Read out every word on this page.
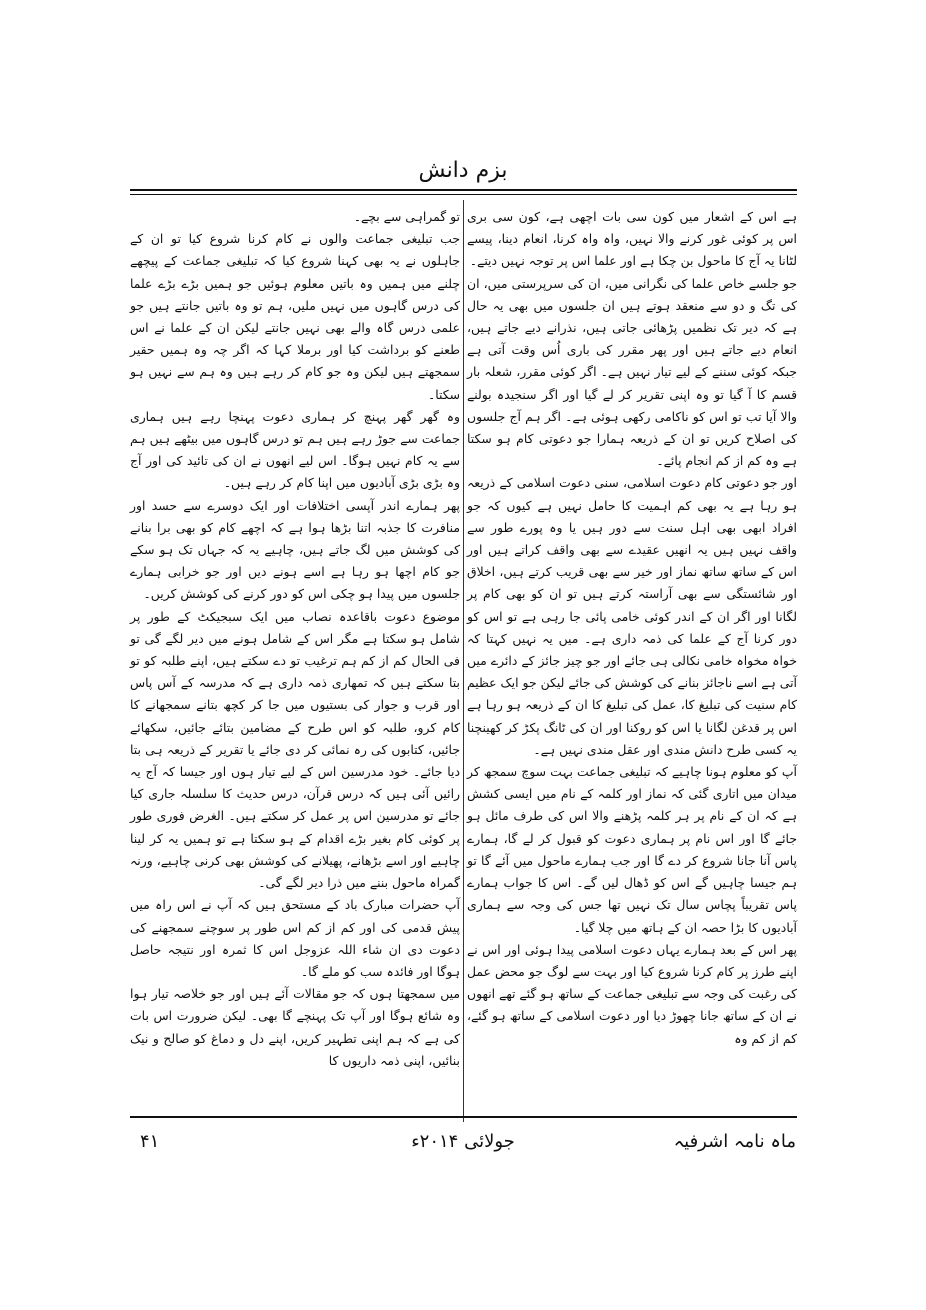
بزم دانش

ہے اس کے اشعار میں کون سی بات اچھی ہے، کون سی بری اس پر کوئی غور کرنے والا نہیں، واہ واہ کرنا، انعام دینا، پیسے لٹانا یہ آج کا ماحول بن چکا ہے اور علما اس پر توجہ نہیں دیتے۔

جو جلسے خاص علما کی نگرانی میں، ان کی سرپرستی میں، ان کی تگ و دو سے منعقد ہوتے ہیں ان جلسوں میں بھی یہ حال ہے کہ دیر تک نظمیں پڑھائی جاتی ہیں، نذرانے دیے جاتے ہیں، انعام دیے جاتے ہیں اور پھر مقرر کی باری اُس وقت آتی ہے جبکہ کوئی سننے کے لیے تیار نہیں ہے۔ اگر کوئی مقرر، شعلہ بار قسم کا آ گیا تو وہ اپنی تقریر کر لے گیا اور اگر سنجیدہ بولنے والا آیا تب تو اس کو ناکامی رکھی ہوئی ہے۔ اگر ہم آج جلسوں کی اصلاح کریں تو ان کے ذریعہ ہمارا جو دعوتی کام ہو سکتا ہے وہ کم از کم انجام پائے۔

اور جو دعوتی کام دعوت اسلامی، سنی دعوت اسلامی کے ذریعہ ہو رہا ہے یہ بھی کم اہمیت کا حامل نہیں ہے کیوں کہ جو افراد ابھی بھی اہل سنت سے دور ہیں یا وہ پورے طور سے واقف نہیں ہیں یہ انھیں عقیدے سے بھی واقف کراتے ہیں اور اس کے ساتھ ساتھ نماز اور خیر سے بھی قریب کرتے ہیں، اخلاق اور شائستگی سے بھی آراستہ کرتے ہیں تو ان کو بھی کام پر لگانا اور اگر ان کے اندر کوئی خامی پائی جا رہی ہے تو اس کو دور کرنا آج کے علما کی ذمہ داری ہے۔ میں یہ نہیں کہتا کہ خواہ مخواہ خامی نکالی ہی جائے اور جو چیز جائز کے دائرے میں آتی ہے اسے ناجائز بنانے کی کوشش کی جائے لیکن جو ایک عظیم کام سنیت کی تبلیغ کا، عمل کی تبلیغ کا ان کے ذریعہ ہو رہا ہے اس پر قدغن لگانا یا اس کو روکنا اور ان کی ٹانگ پکڑ کر کھینچنا یہ کسی طرح دانش مندی اور عقل مندی نہیں ہے۔

آپ کو معلوم ہونا چاہیے کہ تبلیغی جماعت بہت سوچ سمجھ کر میدان میں اتاری گئی کہ نماز اور کلمہ کے نام میں ایسی کشش ہے کہ ان کے نام پر ہر کلمہ پڑھنے والا اس کی طرف مائل ہو جائے گا اور اس نام پر ہماری دعوت کو قبول کر لے گا، ہمارے پاس آنا جانا شروع کر دے گا اور جب ہمارے ماحول میں آئے گا تو ہم جیسا چاہیں گے اس کو ڈھال لیں گے۔ اس کا جواب ہمارے پاس تقریباً پچاس سال تک نہیں تھا جس کی وجہ سے ہماری آبادیوں کا بڑا حصہ ان کے ہاتھ میں چلا گیا۔

پھر اس کے بعد ہمارے یہاں دعوت اسلامی پیدا ہوئی اور اس نے اپنے طرز پر کام کرنا شروع کیا اور بہت سے لوگ جو محض عمل کی رغبت کی وجہ سے تبلیغی جماعت کے ساتھ ہو گئے تھے انھوں نے ان کے ساتھ جانا چھوڑ دیا اور دعوت اسلامی کے ساتھ ہو گئے، کم از کم وہ

تو گمراہی سے بچے۔

جب تبلیغی جماعت والوں نے کام کرنا شروع کیا تو ان کے جاہلوں نے یہ بھی کہنا شروع کیا کہ تبلیغی جماعت کے پیچھے چلنے میں ہمیں وہ باتیں معلوم ہوئیں جو ہمیں بڑے بڑے علما کی درس گاہوں میں نہیں ملیں، ہم تو وہ باتیں جانتے ہیں جو علمی درس گاہ والے بھی نہیں جانتے لیکن ان کے علما نے اس طعنے کو برداشت کیا اور برملا کہا کہ اگر چہ وہ ہمیں حقیر سمجھتے ہیں لیکن وہ جو کام کر رہے ہیں وہ ہم سے نہیں ہو سکتا۔

وہ گھر گھر پہنچ کر ہماری دعوت پہنچا رہے ہیں ہماری جماعت سے جوڑ رہے ہیں ہم تو درس گاہوں میں بیٹھے ہیں ہم سے یہ کام نہیں ہوگا۔ اس لیے انھوں نے ان کی تائید کی اور آج وہ بڑی بڑی آبادیوں میں اپنا کام کر رہے ہیں۔

پھر ہمارے اندر آپسی اختلافات اور ایک دوسرے سے حسد اور منافرت کا جذبہ اتنا بڑھا ہوا ہے کہ اچھے کام کو بھی برا بنانے کی کوشش میں لگ جاتے ہیں، چاہیے یہ کہ جہاں تک ہو سکے جو کام اچھا ہو رہا ہے اسے ہونے دیں اور جو خرابی ہمارے جلسوں میں پیدا ہو چکی اس کو دور کرنے کی کوشش کریں۔

موضوع دعوت باقاعدہ نصاب میں ایک سبجیکٹ کے طور پر شامل ہو سکتا ہے مگر اس کے شامل ہونے میں دیر لگے گی تو فی الحال کم از کم ہم ترغیب تو دے سکتے ہیں، اپنے طلبہ کو تو بتا سکتے ہیں کہ تمھاری ذمہ داری ہے کہ مدرسہ کے آس پاس اور قرب و جوار کی بستیوں میں جا کر کچھ بتانے سمجھانے کا کام کرو، طلبہ کو اس طرح کے مضامین بتائے جائیں، سکھائے جائیں، کتابوں کی رہ نمائی کر دی جائے یا تقریر کے ذریعہ ہی بتا دیا جائے۔ خود مدرسین اس کے لیے تیار ہوں اور جیسا کہ آج یہ رائیں آئی ہیں کہ درس قرآن، درس حدیث کا سلسلہ جاری کیا جائے تو مدرسین اس پر عمل کر سکتے ہیں۔ الغرض فوری طور پر کوئی کام بغیر بڑے اقدام کے ہو سکتا ہے تو ہمیں یہ کر لینا چاہیے اور اسے بڑھانے، پھیلانے کی کوشش بھی کرنی چاہیے، ورنہ گمراہ ماحول بننے میں ذرا دیر لگے گی۔

آپ حضرات مبارک باد کے مستحق ہیں کہ آپ نے اس راہ میں پیش قدمی کی اور کم از کم اس طور پر سوچنے سمجھنے کی دعوت دی ان شاء اللہ عزوجل اس کا ثمرہ اور نتیجہ حاصل ہوگا اور فائدہ سب کو ملے گا۔

میں سمجھتا ہوں کہ جو مقالات آئے ہیں اور جو خلاصہ تیار ہوا وہ شائع ہوگا اور آپ تک پہنچے گا بھی۔ لیکن ضرورت اس بات کی ہے کہ ہم اپنی تطہیر کریں، اپنے دل و دماغ کو صالح و نیک بنائیں، اپنی ذمہ داریوں کا

ماہ نامہ اشرفیہ
جولائی ۲۰۱۴ء
۴۱
